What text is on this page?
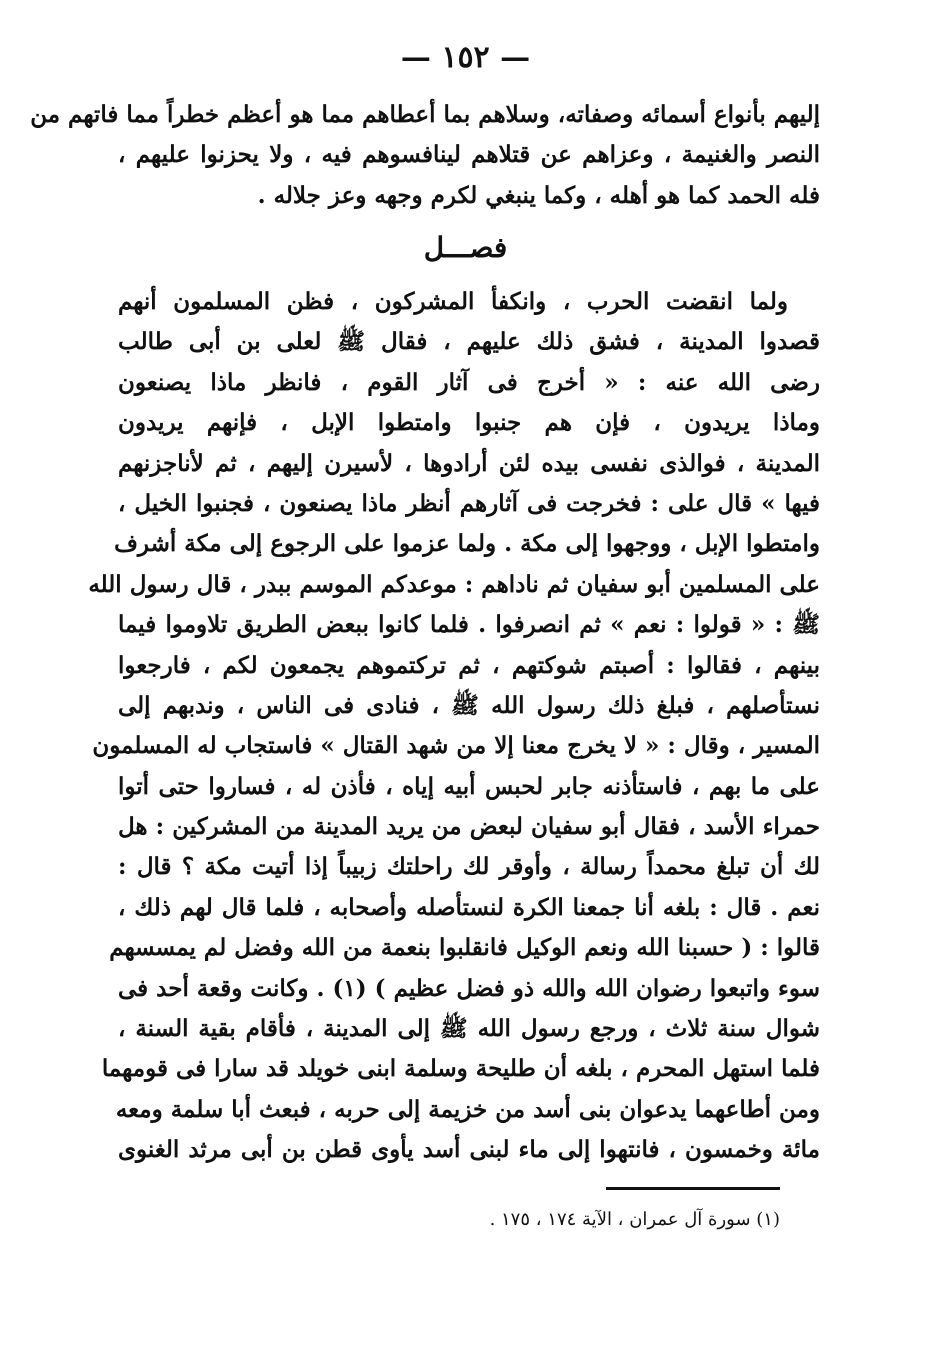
— ١٥٢ —
إليهم بأنواع أسمائه وصفاته، وسلاهم بما أعطاهم مما هو أعظم خطراً مما فاتهم من
النصر والغنيمة ، وعزاهم عن قتلاهم لينافسوهم فيه ، ولا يحزنوا عليهم ،
فله الحمد كما هو أهله ، وكما ينبغي لكرم وجهه وعز جلاله .
فصـــل
ولما انقضت الحرب ، وانكفأ المشركون ، فظن المسلمون أنهم
قصدوا المدينة ، فشق ذلك عليهم ، فقال ﷺ لعلى بن أبى طالب
رضى الله عنه : « أخرج فى آثار القوم ، فانظر ماذا يصنعون
وماذا يريدون ، فإن هم جنبوا وامتطوا الإبل ، فإنهم يريدون
المدينة ، فوالذى نفسى بيده لئن أرادوها ، لأسيرن إليهم ، ثم لأناجزنهم
فيها » قال على : فخرجت فى آثارهم أنظر ماذا يصنعون ، فجنبوا الخيل ،
وامتطوا الإبل ، ووجهوا إلى مكة . ولما عزموا على الرجوع إلى مكة أشرف
على المسلمين أبو سفيان ثم ناداهم : موعدكم الموسم ببدر ، قال رسول الله
ﷺ : « قولوا : نعم » ثم انصرفوا . فلما كانوا ببعض الطريق تلاوموا فيما
بينهم ، فقالوا : أصبتم شوكتهم ، ثم تركتموهم يجمعون لكم ، فارجعوا
نستأصلهم ، فبلغ ذلك رسول الله ﷺ ، فنادى فى الناس ، وندبهم إلى
المسير ، وقال : « لا يخرج معنا إلا من شهد القتال » فاستجاب له المسلمون
على ما بهم ، فاستأذنه جابر لحبس أبيه إياه ، فأذن له ، فساروا حتى أتوا
حمراء الأسد ، فقال أبو سفيان لبعض من يريد المدينة من المشركين : هل
لك أن تبلغ محمداً رسالة ، وأوقر لك راحلتك زبيباً إذا أتيت مكة ؟ قال :
نعم . قال : بلغه أنا جمعنا الكرة لنستأصله وأصحابه ، فلما قال لهم ذلك ،
قالوا : ( حسبنا الله ونعم الوكيل فانقلبوا بنعمة من الله وفضل لم يمسسهم
سوء واتبعوا رضوان الله والله ذو فضل عظيم ) (١) . وكانت وقعة أحد فى
شوال سنة ثلاث ، ورجع رسول الله ﷺ إلى المدينة ، فأقام بقية السنة ،
فلما استهل المحرم ، بلغه أن طليحة وسلمة ابنى خويلد قد سارا فى قومهما
ومن أطاعهما يدعوان بنى أسد من خزيمة إلى حربه ، فبعث أبا سلمة ومعه
مائة وخمسون ، فانتهوا إلى ماء لبنى أسد يأوى قطن بن أبى مرثد الغنوى
(١) سورة آل عمران ، الآية ١٧٤ ، ١٧٥ .
